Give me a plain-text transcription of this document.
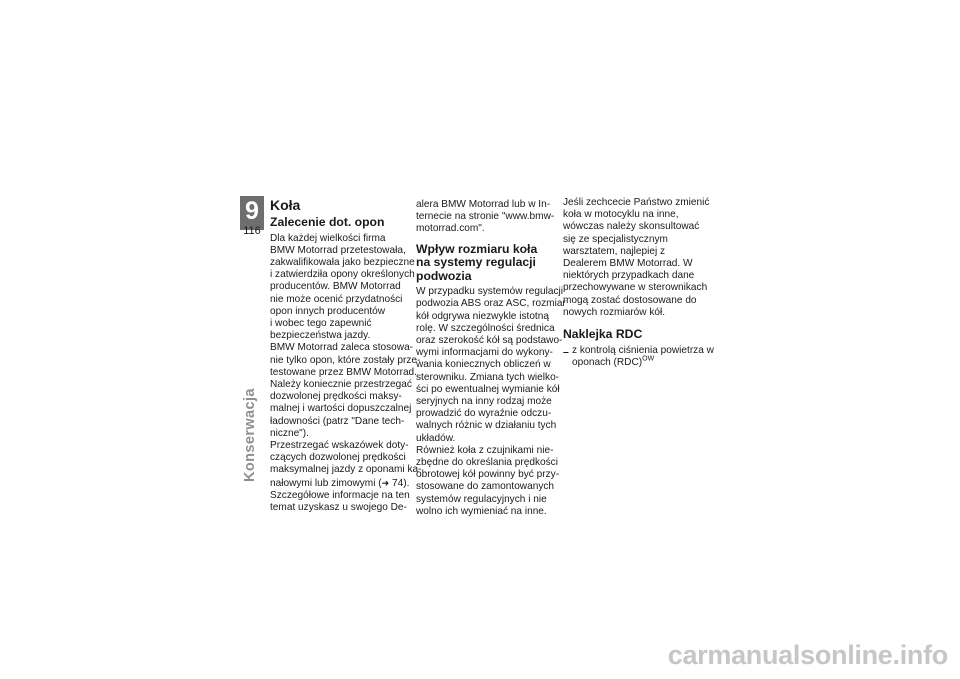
9
116
Konserwacja
Koła
Zalecenie dot. opon
Dla każdej wielkości firma
BMW Motorrad przetestowała,
zakwalifikowała jako bezpieczne
i zatwierdziła opony określonych
producentów. BMW Motorrad
nie może ocenić przydatności
opon innych producentów
i wobec tego zapewnić
bezpieczeństwa jazdy.
BMW Motorrad zaleca stosowa-
nie tylko opon, które zostały prze-
testowane przez BMW Motorrad.
Należy koniecznie przestrzegać
dozwolonej prędkości maksy-
malnej i wartości dopuszczalnej
ładowności (patrz "Dane tech-
niczne").
Przestrzegać wskazówek doty-
czących dozwolonej prędkości
maksymalnej jazdy z oponami ka-
nałowymi lub zimowymi (➜ 74).
Szczegółowe informacje na ten
temat uzyskasz u swojego De-
alera BMW Motorrad lub w In-
ternecie na stronie "www.bmw-
motorrad.com".
Wpływ rozmiaru koła
na systemy regulacji
podwozia
W przypadku systemów regulacji
podwozia ABS oraz ASC, rozmiar
kół odgrywa niezwykle istotną
rolę. W szczególności średnica
oraz szerokość kół są podstawo-
wymi informacjami do wykony-
wania koniecznych obliczeń w
sterowniku. Zmiana tych wielko-
ści po ewentualnej wymianie kół
seryjnych na inny rodzaj może
prowadzić do wyraźnie odczu-
walnych różnic w działaniu tych
układów.
Również koła z czujnikami nie-
zbędne do określania prędkości
obrotowej kół powinny być przy-
stosowane do zamontowanych
systemów regulacyjnych i nie
wolno ich wymieniać na inne.
Jeśli zechcecie Państwo zmienić
koła w motocyklu na inne,
wówczas należy skonsultować
się ze specjalistycznym
warsztatem, najlepiej z
Dealerem BMW Motorrad. W
niektórych przypadkach dane
przechowywane w sterownikach
mogą zostać dostosowane do
nowych rozmiarów kół.
Naklejka RDC
– z kontrolą ciśnienia powietrza w
oponach (RDC)$^{OW}$
carmanualsonline.info
